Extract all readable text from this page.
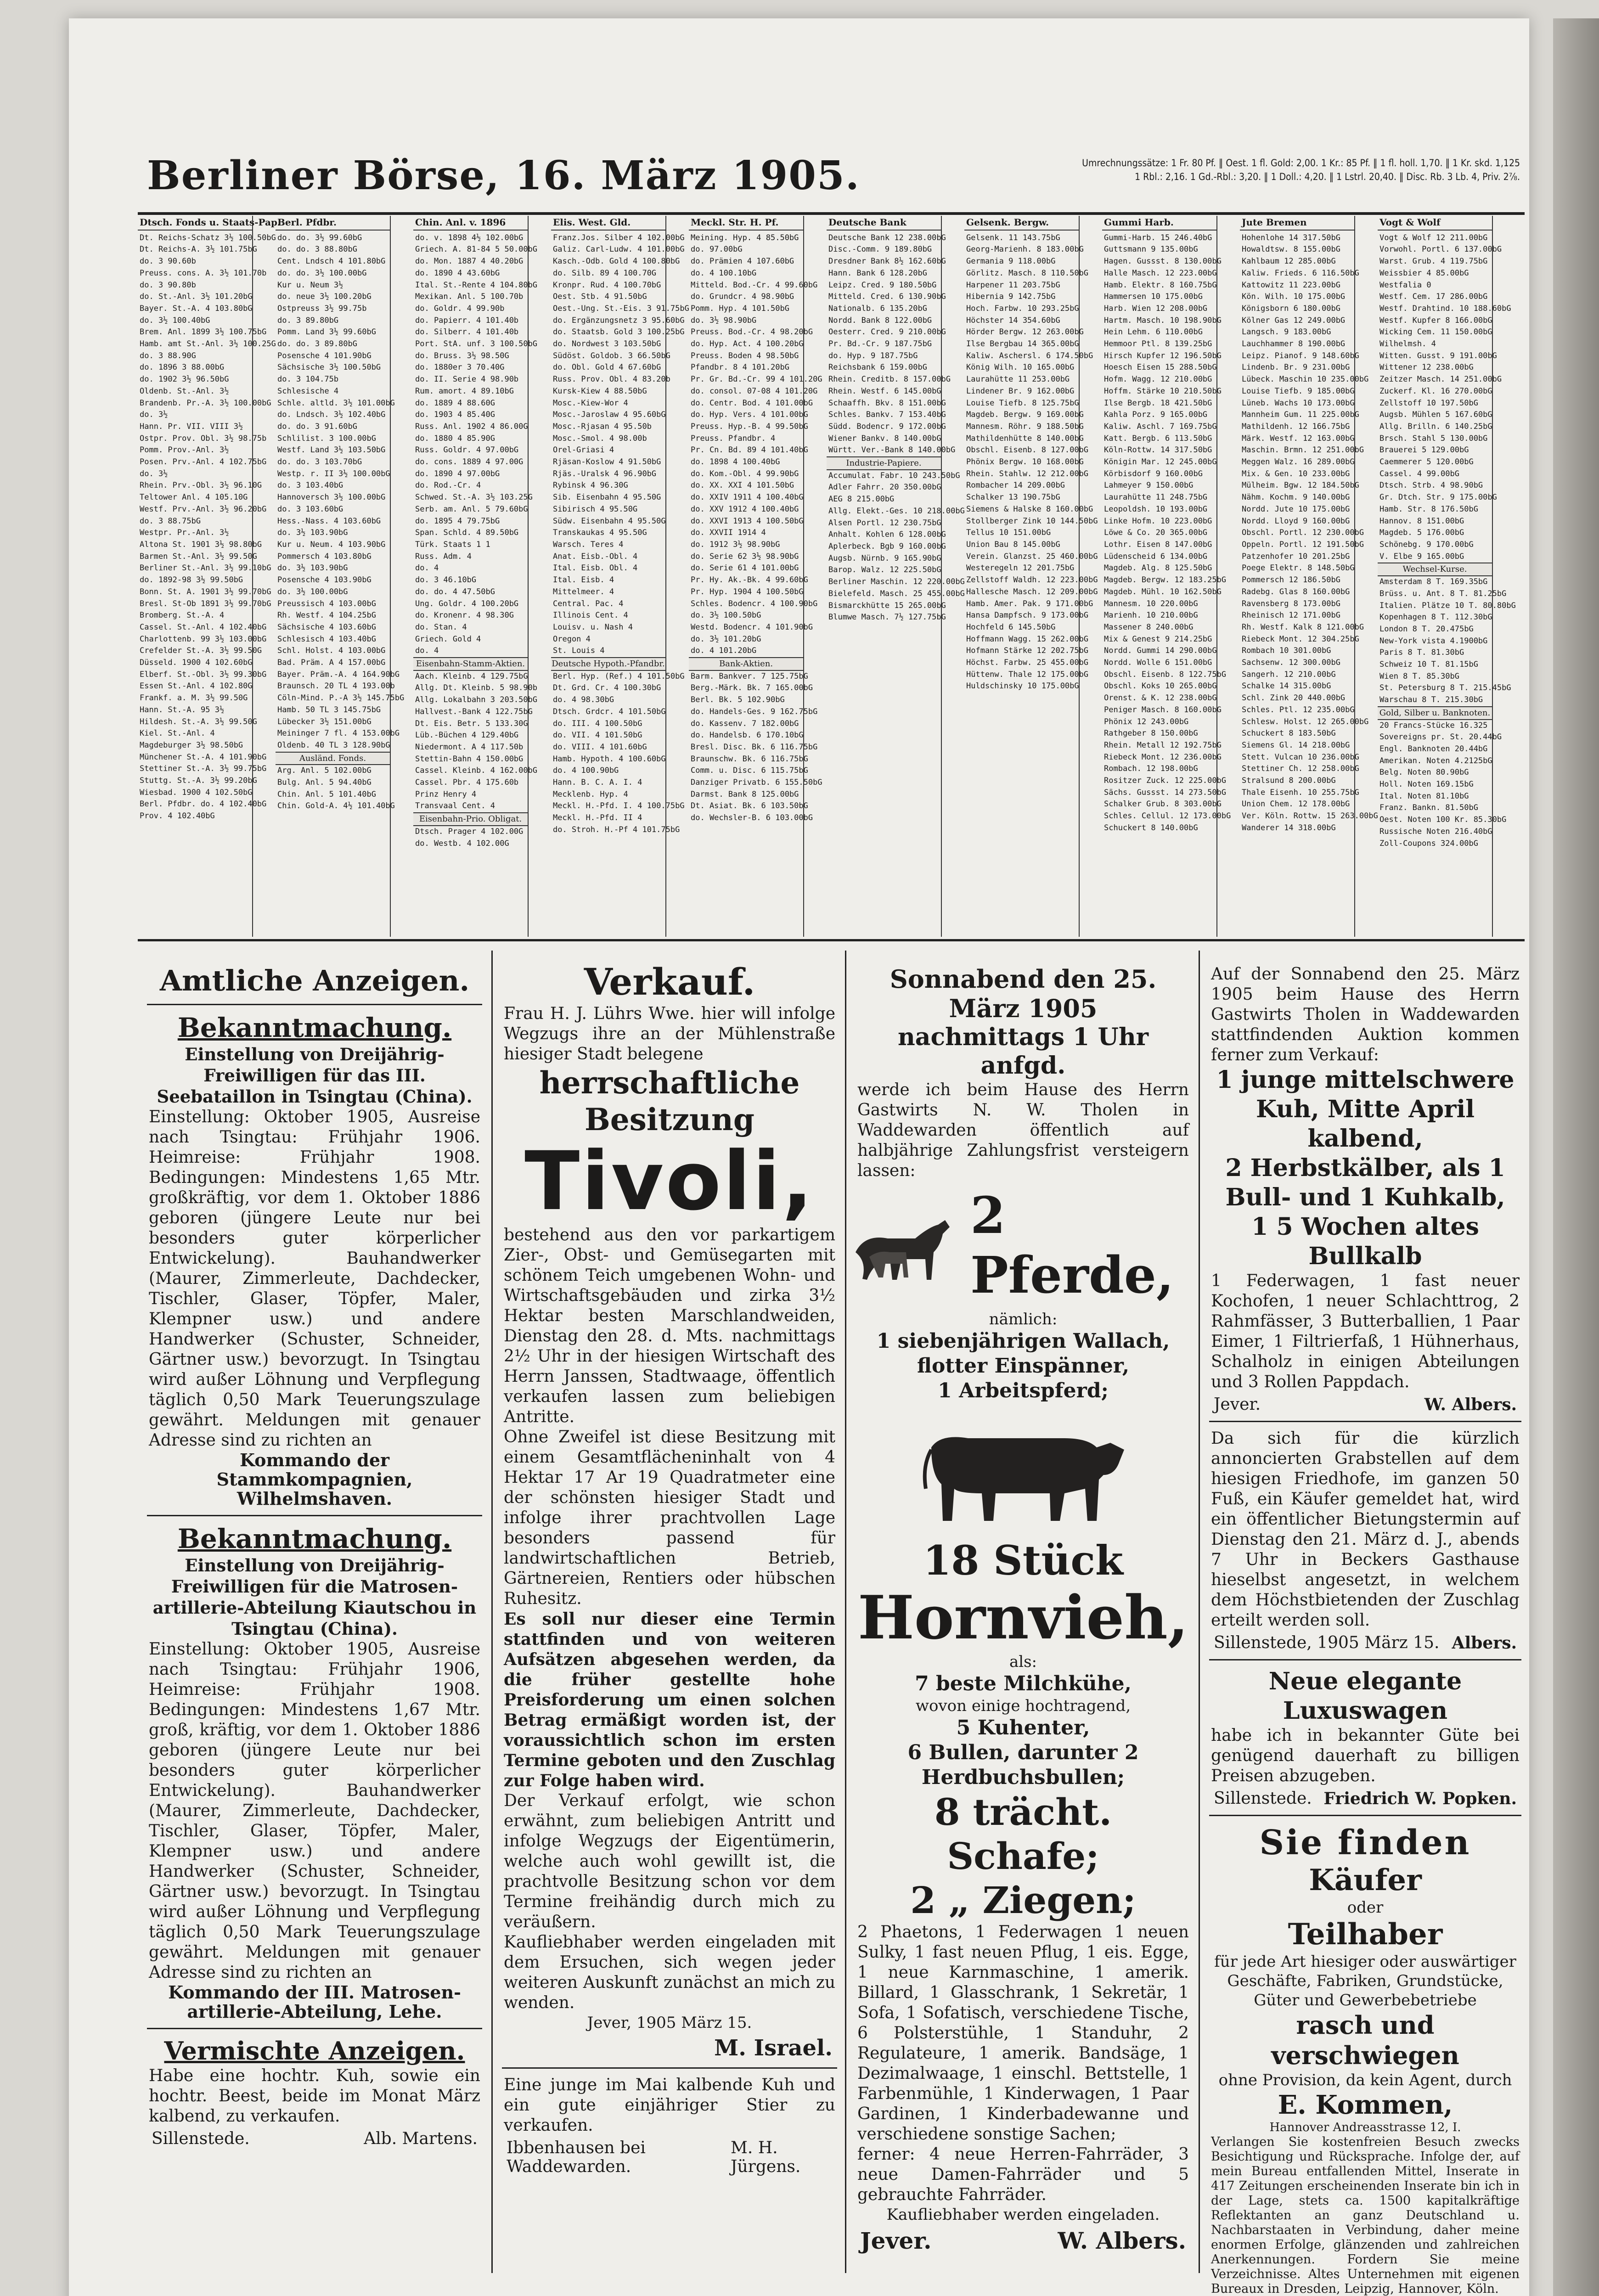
Berliner Börse, 16. März 1905.	Umrechnungssätze: 1 Fr. 80 Pf. ‖ Oest. 1 fl. Gold: 2,00. 1 Kr.: 85 Pf. ‖ 1 fl. holl. 1,70. ‖ 1 Kr. skd. 1,125
1 Rbl.: 2,16. 1 Gd.-Rbl.: 3,20. ‖ 1 Doll.: 4,20. ‖ 1 Lstrl. 20,40. ‖ Disc. Rb. 3 Lb. 4, Priv. 2⅞.
Dtsch. Fonds u. Staats-Pap.
Dt. Reichs-Schatz 3½ 100.50bG
Dt. Reichs-A. 3½ 101.75bG
do. 3 90.60b
Preuss. cons. A. 3½ 101.70b
do. 3 90.80b
do. St.-Anl. 3½ 101.20bG
Bayer. St.-A. 4 103.80bG
do. 3½ 100.40bG
Brem. Anl. 1899 3½ 100.75bG
Hamb. amt St.-Anl. 3½ 100.25G
do. 3 88.90G
do. 1896 3 88.00bG
do. 1902 3½ 96.50bG
Oldenb. St.-Anl. 3½
Brandenb. Pr.-A. 3½ 100.00bG
do. 3½
Hann. Pr. VII. VIII 3½
Ostpr. Prov. Obl. 3½ 98.75b
Pomm. Prov.-Anl. 3½
Posen. Prv.-Anl. 4 102.75bG
do. 3½
Rhein. Prv.-Obl. 3½ 96.10G
Teltower Anl. 4 105.10G
Westf. Prv.-Anl. 3½ 96.20bG
do. 3 88.75bG
Westpr. Pr.-Anl. 3½
Altona St. 1901 3½ 98.80bG
Barmen St.-Anl. 3½ 99.50G
Berliner St.-Anl. 3½ 99.10bG
do. 1892-98 3½ 99.50bG
Bonn. St. A. 1901 3½ 99.70bG
Bresl. St-Ob 1891 3½ 99.70bG
Bromberg. St.-A. 4
Cassel. St.-Anl. 4 102.40bG
Charlottenb. 99 3½ 103.00bG
Crefelder St.-A. 3½ 99.50G
Düsseld. 1900 4 102.60bG
Elberf. St.-Obl. 3½ 99.30bG
Essen St.-Anl. 4 102.80G
Frankf. a. M. 3½ 99.50G
Hann. St.-A. 95 3½
Hildesh. St.-A. 3½ 99.50G
Kiel. St.-Anl. 4
Magdeburger 3½ 98.50bG
Münchener St.-A. 4 101.90bG
Stettiner St.-A. 3½ 99.75bG
Stuttg. St.-A. 3½ 99.20bG
Wiesbad. 1900 4 102.50bG
Berl. Pfdbr. do. 4 102.40bG
Prov. 4 102.40bG
Berl. Pfdbr.
do. do. 3½ 99.60bG
do. do. 3 88.80bG
Cent. Lndsch 4 101.80bG
do. do. 3½ 100.00bG
Kur u. Neum 3½
do. neue 3½ 100.20bG
Ostpreuss 3½ 99.75b
do. 3 89.80bG
Pomm. Land 3½ 99.60bG
do. do. 3 89.80bG
Posensche 4 101.90bG
Sächsische 3½ 100.50bG
do. 3 104.75b
Schlesische 4
Schle. altld. 3½ 101.00bG
do. Lndsch. 3½ 102.40bG
do. do. 3 91.60bG
Schlilist. 3 100.00bG
Westf. Land 3½ 103.50bG
do. do. 3 103.70bG
Westp. r. II 3½ 100.00bG
do. 3 103.40bG
Hannoversch 3½ 100.00bG
do. 3 103.60bG
Hess.-Nass. 4 103.60bG
do. 3½ 103.90bG
Kur u. Neum. 4 103.90bG
Pommersch 4 103.80bG
do. 3½ 103.90bG
Posensche 4 103.90bG
do. 3½ 100.00bG
Preussisch 4 103.00bG
Rh. Westf. 4 104.25bG
Sächsische 4 103.60bG
Schlesisch 4 103.40bG
Schl. Holst. 4 103.00bG
Bad. Präm. A 4 157.00bG
Bayer. Präm.-A. 4 164.90bG
Braunsch. 20 TL 4 193.00b
Cöln-Mind. P.-A 3½ 145.75bG
Hamb. 50 TL 3 145.75bG
Lübecker 3½ 151.00bG
Meininger 7 fl. 4 153.00bG
Oldenb. 40 TL 3 128.90bG
Ausländ. Fonds.
Arg. Anl. 5 102.00bG
Bulg. Anl. 5 94.40bG
Chin. Anl. 5 101.40bG
Chin. Gold-A. 4½ 101.40bG
Chin. Anl. v. 1896
do. v. 1898 4½ 102.00bG
Griech. A. 81-84 5 50.00bG
do. Mon. 1887 4 40.20bG
do. 1890 4 43.60bG
Ital. St.-Rente 4 104.80bG
Mexikan. Anl. 5 100.70b
do. Goldr. 4 99.90b
do. Papierr. 4 101.40b
do. Silberr. 4 101.40b
Port. StA. unf. 3 100.50bG
do. Bruss. 3½ 98.50G
do. 1880er 3 70.40G
do. II. Serie 4 98.90b
Rum. amort. 4 89.10bG
do. 1889 4 88.60G
do. 1903 4 85.40G
Russ. Anl. 1902 4 86.00G
do. 1880 4 85.90G
Russ. Goldr. 4 97.00bG
do. cons. 1889 4 97.00G
do. 1890 4 97.00bG
do. Rod.-Cr. 4
Schwed. St.-A. 3½ 103.25G
Serb. am. Anl. 5 79.60bG
do. 1895 4 79.75bG
Span. Schld. 4 89.50bG
Türk. Staats 1 1
Russ. Adm. 4
do. 4
do. 3 46.10bG
do. do. 4 47.50bG
Ung. Goldr. 4 100.20bG
do. Kronenr. 4 98.30G
do. Stan. 4
Griech. Gold 4
do. 4
Eisenbahn-Stamm-Aktien.
Aach. Kleinb. 4 129.75bG
Allg. Dt. Kleinb. 5 98.90b
Allg. Lokalbahn 3 203.50bG
Hallvest.-Bank 4 122.75bG
Dt. Eis. Betr. 5 133.30G
Lüb.-Büchen 4 129.40bG
Niedermont. A 4 117.50b
Stettin-Bahn 4 150.00bG
Cassel. Kleinb. 4 162.00bG
Cassel. Pbr. 4 175.60b
Prinz Henry 4
Transvaal Cent. 4
Eisenbahn-Prio. Obligat.
Dtsch. Prager 4 102.00G
do. Westb. 4 102.00G
Elis. West. Gld.
Franz.Jos. Silber 4 102.00bG
Galiz. Carl-Ludw. 4 101.00bG
Kasch.-Odb. Gold 4 100.80bG
do. Silb. 89 4 100.70G
Kronpr. Rud. 4 100.70bG
Oest. Stb. 4 91.50bG
Oest.-Ung. St.-Eis. 3 91.75bG
do. Ergänzungsnetz 3 95.60bG
do. Staatsb. Gold 3 100.25bG
do. Nordwest 3 103.50bG
Südöst. Goldob. 3 66.50bG
do. Obl. Gold 4 67.60bG
Russ. Prov. Obl. 4 83.20b
Kursk-Kiew 4 88.50bG
Mosc.-Kiew-Wor 4
Mosc.-Jaroslaw 4 95.60bG
Mosc.-Rjasan 4 95.50b
Mosc.-Smol. 4 98.00b
Orel-Griasi 4
Rjäsan-Koslow 4 91.50bG
Rjäs.-Uralsk 4 96.90bG
Rybinsk 4 96.30G
Sib. Eisenbahn 4 95.50G
Sibirisch 4 95.50G
Südw. Eisenbahn 4 95.50G
Transkaukas 4 95.50G
Warsch. Teres 4
Anat. Eisb.-Obl. 4
Ital. Eisb. Obl. 4
Ital. Eisb. 4
Mittelmeer. 4
Central. Pac. 4
Illinois Cent. 4
Louisv. u. Nash 4
Oregon 4
St. Louis 4
Deutsche Hypoth.-Pfandbr.
Berl. Hyp. (Ref.) 4 101.50bG
Dt. Grd. Cr. 4 100.30bG
do. 4 98.30bG
Dtsch. Grdcr. 4 101.50bG
do. III. 4 100.50bG
do. VII. 4 101.50bG
do. VIII. 4 101.60bG
Hamb. Hypoth. 4 100.60bG
do. 4 100.90bG
Hann. B. C. A. I. 4
Mecklenb. Hyp. 4
Meckl. H.-Pfd. I. 4 100.75bG
Meckl. H.-Pfd. II 4
do. Stroh. H.-Pf 4 101.75bG
Meckl. Str. H. Pf.
Meining. Hyp. 4 85.50bG
do. 97.00bG
do. Prämien 4 107.60bG
do. 4 100.10bG
Mitteld. Bod.-Cr. 4 99.60bG
do. Grundcr. 4 98.90bG
Pomm. Hyp. 4 101.50bG
do. 3½ 98.90bG
Preuss. Bod.-Cr. 4 98.20bG
do. Hyp. Act. 4 100.20bG
Preuss. Boden 4 98.50bG
Pfandbr. 8 4 101.20bG
Pr. Gr. Bd.-Cr. 99 4 101.20G
do. consol. 07-08 4 101.20G
do. Centr. Bod. 4 101.00bG
do. Hyp. Vers. 4 101.00bG
Preuss. Hyp.-B. 4 99.50bG
Preuss. Pfandbr. 4
Pr. Cn. Bd. 89 4 101.40bG
do. 1898 4 100.40bG
do. Kom.-Obl. 4 99.90bG
do. XX. XXI 4 101.50bG
do. XXIV 1911 4 100.40bG
do. XXV 1912 4 100.40bG
do. XXVI 1913 4 100.50bG
do. XXVII 1914 4
do. 1912 3½ 98.90bG
do. Serie 62 3½ 98.90bG
do. Serie 61 4 101.00bG
Pr. Hy. Ak.-Bk. 4 99.60bG
Pr. Hyp. 1904 4 100.50bG
Schles. Bodencr. 4 100.90bG
do. 3½ 100.50bG
Westd. Bodencr. 4 101.90bG
do. 3½ 101.20bG
do. 4 101.20bG
Bank-Aktien.
Barm. Bankver. 7 125.75bG
Berg.-Märk. Bk. 7 165.00bG
Berl. Bk. 5 102.90bG
do. Handels-Ges. 9 162.75bG
do. Kassenv. 7 182.00bG
do. Handelsb. 6 170.10bG
Bresl. Disc. Bk. 6 116.75bG
Braunschw. Bk. 6 116.75bG
Comm. u. Disc. 6 115.75bG
Danziger Privatb. 6 155.50bG
Darmst. Bank 8 125.00bG
Dt. Asiat. Bk. 6 103.50bG
do. Wechsler-B. 6 103.00bG
Deutsche Bank
Deutsche Bank 12 238.00bG
Disc.-Comm. 9 189.80bG
Dresdner Bank 8½ 162.60bG
Hann. Bank 6 128.20bG
Leipz. Cred. 9 180.50bG
Mitteld. Cred. 6 130.90bG
Nationalb. 6 135.20bG
Nordd. Bank 8 122.00bG
Oesterr. Cred. 9 210.00bG
Pr. Bd.-Cr. 9 187.75bG
do. Hyp. 9 187.75bG
Reichsbank 6 159.00bG
Rhein. Creditb. 8 157.00bG
Rhein. Westf. 6 145.00bG
Schaaffh. Bkv. 8 151.00bG
Schles. Bankv. 7 153.40bG
Südd. Bodencr. 9 172.00bG
Wiener Bankv. 8 140.00bG
Württ. Ver.-Bank 8 140.00bG
Industrie-Papiere.
Accumulat. Fabr. 10 243.50bG
Adler Fahrr. 20 350.00bG
AEG 8 215.00bG
Allg. Elekt.-Ges. 10 218.00bG
Alsen Portl. 12 230.75bG
Anhalt. Kohlen 6 128.00bG
Aplerbeck. Bgb 9 160.00bG
Augsb. Nürnb. 9 165.90bG
Barop. Walz. 12 225.50bG
Berliner Maschin. 12 220.00bG
Bielefeld. Masch. 25 455.00bG
Bismarckhütte 15 265.00bG
Blumwe Masch. 7½ 127.75bG
Gelsenk. Bergw.
Gelsenk. 11 143.75bG
Georg-Marienh. 8 183.00bG
Germania 9 118.00bG
Görlitz. Masch. 8 110.50bG
Harpener 11 203.75bG
Hibernia 9 142.75bG
Hoch. Farbw. 10 293.25bG
Höchster 14 354.60bG
Hörder Bergw. 12 263.00bG
Ilse Bergbau 14 365.00bG
Kaliw. Aschersl. 6 174.50bG
König Wilh. 10 165.00bG
Laurahütte 11 253.00bG
Lindener Br. 9 162.00bG
Louise Tiefb. 8 125.75bG
Magdeb. Bergw. 9 169.00bG
Mannesm. Röhr. 9 188.50bG
Mathildenhütte 8 140.00bG
Obschl. Eisenb. 8 127.00bG
Phönix Bergw. 10 168.00bG
Rhein. Stahlw. 12 212.00bG
Rombacher 14 209.00bG
Schalker 13 190.75bG
Siemens & Halske 8 160.00bG
Stollberger Zink 10 144.50bG
Tellus 10 151.00bG
Union Bau 8 145.00bG
Verein. Glanzst. 25 460.00bG
Westeregeln 12 201.75bG
Zellstoff Waldh. 12 223.00bG
Hallesche Masch. 12 209.00bG
Hamb. Amer. Pak. 9 171.00bG
Hansa Dampfsch. 9 173.00bG
Hochfeld 6 145.50bG
Hoffmann Wagg. 15 262.00bG
Hofmann Stärke 12 202.75bG
Höchst. Farbw. 25 455.00bG
Hüttenw. Thale 12 175.00bG
Huldschinsky 10 175.00bG
Gummi Harb.
Gummi-Harb. 15 246.40bG
Guttsmann 9 135.00bG
Hagen. Gussst. 8 130.00bG
Halle Masch. 12 223.00bG
Hamb. Elektr. 8 160.75bG
Hammersen 10 175.00bG
Harb. Wien 12 208.00bG
Hartm. Masch. 10 198.90bG
Hein Lehm. 6 110.00bG
Hemmoor Ptl. 8 139.25bG
Hirsch Kupfer 12 196.50bG
Hoesch Eisen 15 288.50bG
Hofm. Wagg. 12 210.00bG
Hoffm. Stärke 10 210.50bG
Ilse Bergb. 18 421.50bG
Kahla Porz. 9 165.00bG
Kaliw. Aschl. 7 169.75bG
Katt. Bergb. 6 113.50bG
Köln-Rottw. 14 317.50bG
Königin Mar. 12 245.00bG
Körbisdorf 9 160.00bG
Lahmeyer 9 150.00bG
Laurahütte 11 248.75bG
Leopoldsh. 10 193.00bG
Linke Hofm. 10 223.00bG
Löwe & Co. 20 365.00bG
Lothr. Eisen 8 147.00bG
Lüdenscheid 6 134.00bG
Magdeb. Alg. 8 125.50bG
Magdeb. Bergw. 12 183.25bG
Magdeb. Mühl. 10 162.50bG
Mannesm. 10 220.00bG
Marienh. 10 210.00bG
Massener 8 240.00bG
Mix & Genest 9 214.25bG
Nordd. Gummi 14 290.00bG
Nordd. Wolle 6 151.00bG
Obschl. Eisenb. 8 122.75bG
Obschl. Koks 10 265.00bG
Orenst. & K. 12 238.00bG
Peniger Masch. 8 160.00bG
Phönix 12 243.00bG
Rathgeber 8 150.00bG
Rhein. Metall 12 192.75bG
Riebeck Mont. 12 236.00bG
Rombach. 12 198.00bG
Rositzer Zuck. 12 225.00bG
Sächs. Gussst. 14 273.50bG
Schalker Grub. 8 303.00bG
Schles. Cellul. 12 173.00bG
Schuckert 8 140.00bG
Jute Bremen
Hohenlohe 14 317.50bG
Howaldtsw. 8 155.00bG
Kahlbaum 12 285.00bG
Kaliw. Frieds. 6 116.50bG
Kattowitz 11 223.00bG
Kön. Wilh. 10 175.00bG
Königsborn 6 180.00bG
Kölner Gas 12 249.00bG
Langsch. 9 183.00bG
Lauchhammer 8 190.00bG
Leipz. Pianof. 9 148.60bG
Lindenb. Br. 9 231.00bG
Lübeck. Maschin 10 235.00bG
Louise Tiefb. 9 185.00bG
Lüneb. Wachs 10 173.00bG
Mannheim Gum. 11 225.00bG
Mathildenh. 12 166.75bG
Märk. Westf. 12 163.00bG
Maschin. Brmn. 12 251.00bG
Meggen Walz. 16 289.00bG
Mix. & Gen. 10 233.00bG
Mülheim. Bgw. 12 184.50bG
Nähm. Kochm. 9 140.00bG
Nordd. Jute 10 175.00bG
Nordd. Lloyd 9 160.00bG
Obschl. Portl. 12 230.00bG
Oppeln. Portl. 12 191.50bG
Patzenhofer 10 201.25bG
Poege Elektr. 8 148.50bG
Pommersch 12 186.50bG
Radebg. Glas 8 160.00bG
Ravensberg 8 173.00bG
Rheinisch 12 171.00bG
Rh. Westf. Kalk 8 121.00bG
Riebeck Mont. 12 304.25bG
Rombach 10 301.00bG
Sachsenw. 12 300.00bG
Sangerh. 12 210.00bG
Schalke 14 315.00bG
Schl. Zink 20 440.00bG
Schles. Ptl. 12 235.00bG
Schlesw. Holst. 12 265.00bG
Schuckert 8 183.50bG
Siemens Gl. 14 218.00bG
Stett. Vulcan 10 236.00bG
Stettiner Ch. 12 258.00bG
Stralsund 8 200.00bG
Thale Eisenh. 10 255.75bG
Union Chem. 12 178.00bG
Ver. Köln. Rottw. 15 263.00bG
Wanderer 14 318.00bG
Vogt & Wolf
Vogt & Wolf 12 211.00bG
Vorwohl. Portl. 6 137.00bG
Warst. Grub. 4 119.75bG
Weissbier 4 85.00bG
Westfalia 0
Westf. Cem. 17 286.00bG
Westf. Drahtind. 10 188.60bG
Westf. Kupfer 8 166.00bG
Wicking Cem. 11 150.00bG
Wilhelmsh. 4
Witten. Gusst. 9 191.00bG
Wittener 12 238.00bG
Zeitzer Masch. 14 251.00bG
Zuckerf. Kl. 16 270.00bG
Zellstoff 10 197.50bG
Augsb. Mühlen 5 167.60bG
Allg. Brilln. 6 140.25bG
Brsch. Stahl 5 130.00bG
Brauerei 5 129.00bG
Caemmerer 5 120.00bG
Cassel. 4 99.00bG
Dtsch. Strb. 4 98.90bG
Gr. Dtch. Str. 9 175.00bG
Hamb. Str. 8 176.50bG
Hannov. 8 151.00bG
Magdeb. 5 176.00bG
Schönebg. 9 170.00bG
V. Elbe 9 165.00bG
Wechsel-Kurse.
Amsterdam 8 T. 169.35bG
Brüss. u. Ant. 8 T. 81.25bG
Italien. Plätze 10 T. 80.80bG
Kopenhagen 8 T. 112.30bG
London 8 T. 20.475bG
New-York vista 4.1900bG
Paris 8 T. 81.30bG
Schweiz 10 T. 81.15bG
Wien 8 T. 85.30bG
St. Petersburg 8 T. 215.45bG
Warschau 8 T. 215.30bG
Gold, Silber u. Banknoten.
20 Francs-Stücke 16.325
Sovereigns pr. St. 20.44bG
Engl. Banknoten 20.44bG
Amerikan. Noten 4.2125bG
Belg. Noten 80.90bG
Holl. Noten 169.15bG
Ital. Noten 81.10bG
Franz. Bankn. 81.50bG
Oest. Noten 100 Kr. 85.30bG
Russische Noten 216.40bG
Zoll-Coupons 324.00bG
Amtliche Anzeigen.
Bekanntmachung.
Einstellung von Dreijährig-Freiwilligen für das III. Seebataillon in Tsingtau (China).
Einstellung: Oktober 1905, Ausreise nach Tsingtau: Frühjahr 1906. Heimreise: Frühjahr 1908. Bedingungen: Mindestens 1,65 Mtr. großkräftig, vor dem 1. Oktober 1886 geboren (jüngere Leute nur bei besonders guter körperlicher Entwickelung). Bauhandwerker (Maurer, Zimmerleute, Dachdecker, Tischler, Glaser, Töpfer, Maler, Klempner usw.) und andere Handwerker (Schuster, Schneider, Gärtner usw.) bevorzugt. In Tsingtau wird außer Löhnung und Verpflegung täglich 0,50 Mark Teuerungszulage gewährt. Meldungen mit genauer Adresse sind zu richten an
Kommando der Stammkompagnien, Wilhelmshaven.
Bekanntmachung.
Einstellung von Dreijährig-Freiwilligen für die Matrosen-artillerie-Abteilung Kiautschou in Tsingtau (China).
Einstellung: Oktober 1905, Ausreise nach Tsingtau: Frühjahr 1906, Heimreise: Frühjahr 1908. Bedingungen: Mindestens 1,67 Mtr. groß, kräftig, vor dem 1. Oktober 1886 geboren (jüngere Leute nur bei besonders guter körperlicher Entwickelung). Bauhandwerker (Maurer, Zimmerleute, Dachdecker, Tischler, Glaser, Töpfer, Maler, Klempner usw.) und andere Handwerker (Schuster, Schneider, Gärtner usw.) bevorzugt. In Tsingtau wird außer Löhnung und Verpflegung täglich 0,50 Mark Teuerungszulage gewährt. Meldungen mit genauer Adresse sind zu richten an
Kommando der III. Matrosen-artillerie-Abteilung, Lehe.
Vermischte Anzeigen.
Habe eine hochtr. Kuh, sowie ein hochtr. Beest, beide im Monat März kalbend, zu verkaufen.
Sillenstede.	Alb. Martens.
Verkauf.
Frau H. J. Lührs Wwe. hier will infolge Wegzugs ihre an der Mühlenstraße hiesiger Stadt belegene
herrschaftliche Besitzung
Tivoli,
bestehend aus den vor parkartigem Zier-, Obst- und Gemüsegarten mit schönem Teich umgebenen Wohn- und Wirtschaftsgebäuden und zirka 3½ Hektar besten Marschlandweiden, Dienstag den 28. d. Mts. nachmittags 2½ Uhr in der hiesigen Wirtschaft des Herrn Janssen, Stadtwaage, öffentlich verkaufen lassen zum beliebigen Antritte.
Ohne Zweifel ist diese Besitzung mit einem Gesamtflächeninhalt von 4 Hektar 17 Ar 19 Quadratmeter eine der schönsten hiesiger Stadt und infolge ihrer prachtvollen Lage besonders passend für landwirtschaftlichen Betrieb, Gärtnereien, Rentiers oder hübschen Ruhesitz.
Es soll nur dieser eine Termin stattfinden und von weiteren Aufsätzen abgesehen werden, da die früher gestellte hohe Preisforderung um einen solchen Betrag ermäßigt worden ist, der voraussichtlich schon im ersten Termine geboten und den Zuschlag zur Folge haben wird.
Der Verkauf erfolgt, wie schon erwähnt, zum beliebigen Antritt und infolge Wegzugs der Eigentümerin, welche auch wohl gewillt ist, die prachtvolle Besitzung schon vor dem Termine freihändig durch mich zu veräußern.
Kaufliebhaber werden eingeladen mit dem Ersuchen, sich wegen jeder weiteren Auskunft zunächst an mich zu wenden.
Jever, 1905 März 15.
M. Israel.
Eine junge im Mai kalbende Kuh und ein gute einjähriger Stier zu verkaufen.
Ibbenhausen bei Waddewarden.
M. H. Jürgens.
Sonnabend den 25. März 1905
nachmittags 1 Uhr anfgd.
werde ich beim Hause des Herrn Gastwirts N. W. Tholen in Waddewarden öffentlich auf halbjährige Zahlungsfrist versteigern lassen:
2 Pferde,
nämlich:
1 siebenjährigen Wallach, flotter Einspänner,
1 Arbeitspferd;
18 Stück
Hornvieh,
als:
7 beste Milchkühe,
wovon einige hochtragend,
5 Kuhenter,
6 Bullen, darunter 2 Herdbuchsbullen;
8 trächt. Schafe;
2 „ Ziegen;
2 Phaetons, 1 Federwagen 1 neuen Sulky, 1 fast neuen Pflug, 1 eis. Egge, 1 neue Karnmaschine, 1 amerik. Billard, 1 Glasschrank, 1 Sekretär, 1 Sofa, 1 Sofatisch, verschiedene Tische, 6 Polsterstühle, 1 Standuhr, 2 Regulateure, 1 amerik. Bandsäge, 1 Dezimalwaage, 1 einschl. Bettstelle, 1 Farbenmühle, 1 Kinderwagen, 1 Paar Gardinen, 1 Kinderbadewanne und verschiedene sonstige Sachen;
ferner: 4 neue Herren-Fahrräder, 3 neue Damen-Fahrräder und 5 gebrauchte Fahrräder.
Kaufliebhaber werden eingeladen.
Jever.	W. Albers.
Auf der Sonnabend den 25. März 1905 beim Hause des Herrn Gastwirts Tholen in Waddewarden stattfindenden Auktion kommen ferner zum Verkauf:
1 junge mittelschwere Kuh, Mitte April kalbend,
2 Herbstkälber, als 1 Bull- und 1 Kuhkalb,
1 5 Wochen altes Bullkalb
1 Federwagen, 1 fast neuer Kochofen, 1 neuer Schlachttrog, 2 Rahmfässer, 3 Butterballien, 1 Paar Eimer, 1 Filtrierfaß, 1 Hühnerhaus, Schalholz in einigen Abteilungen und 3 Rollen Pappdach.
Jever.	W. Albers.
Da sich für die kürzlich annoncierten Grabstellen auf dem hiesigen Friedhofe, im ganzen 50 Fuß, ein Käufer gemeldet hat, wird ein öffentlicher Bietungstermin auf Dienstag den 21. März d. J., abends 7 Uhr in Beckers Gasthause hieselbst angesetzt, in welchem dem Höchstbietenden der Zuschlag erteilt werden soll.
Sillenstede, 1905 März 15. Albers.
Neue elegante Luxuswagen
habe ich in bekannter Güte bei genügend dauerhaft zu billigen Preisen abzugeben.
Sillenstede. Friedrich W. Popken.
Sie finden
Käufer
oder
Teilhaber
für jede Art hiesiger oder auswärtiger Geschäfte, Fabriken, Grundstücke, Güter und Gewerbebetriebe
rasch und verschwiegen
ohne Provision, da kein Agent, durch
E. Kommen,
Hannover Andreasstrasse 12, I.
Verlangen Sie kostenfreien Besuch zwecks Besichtigung und Rücksprache. Infolge der, auf mein Bureau entfallenden Mittel, Inserate in 417 Zeitungen erscheinenden Inserate bin ich in der Lage, stets ca. 1500 kapitalkräftige Reflektanten an ganz Deutschland u. Nachbarstaaten in Verbindung, daher meine enormen Erfolge, glänzenden und zahlreichen Anerkennungen. Fordern Sie meine Verzeichnisse. Altes Unternehmen mit eigenen Bureaux in Dresden, Leipzig, Hannover, Köln.
